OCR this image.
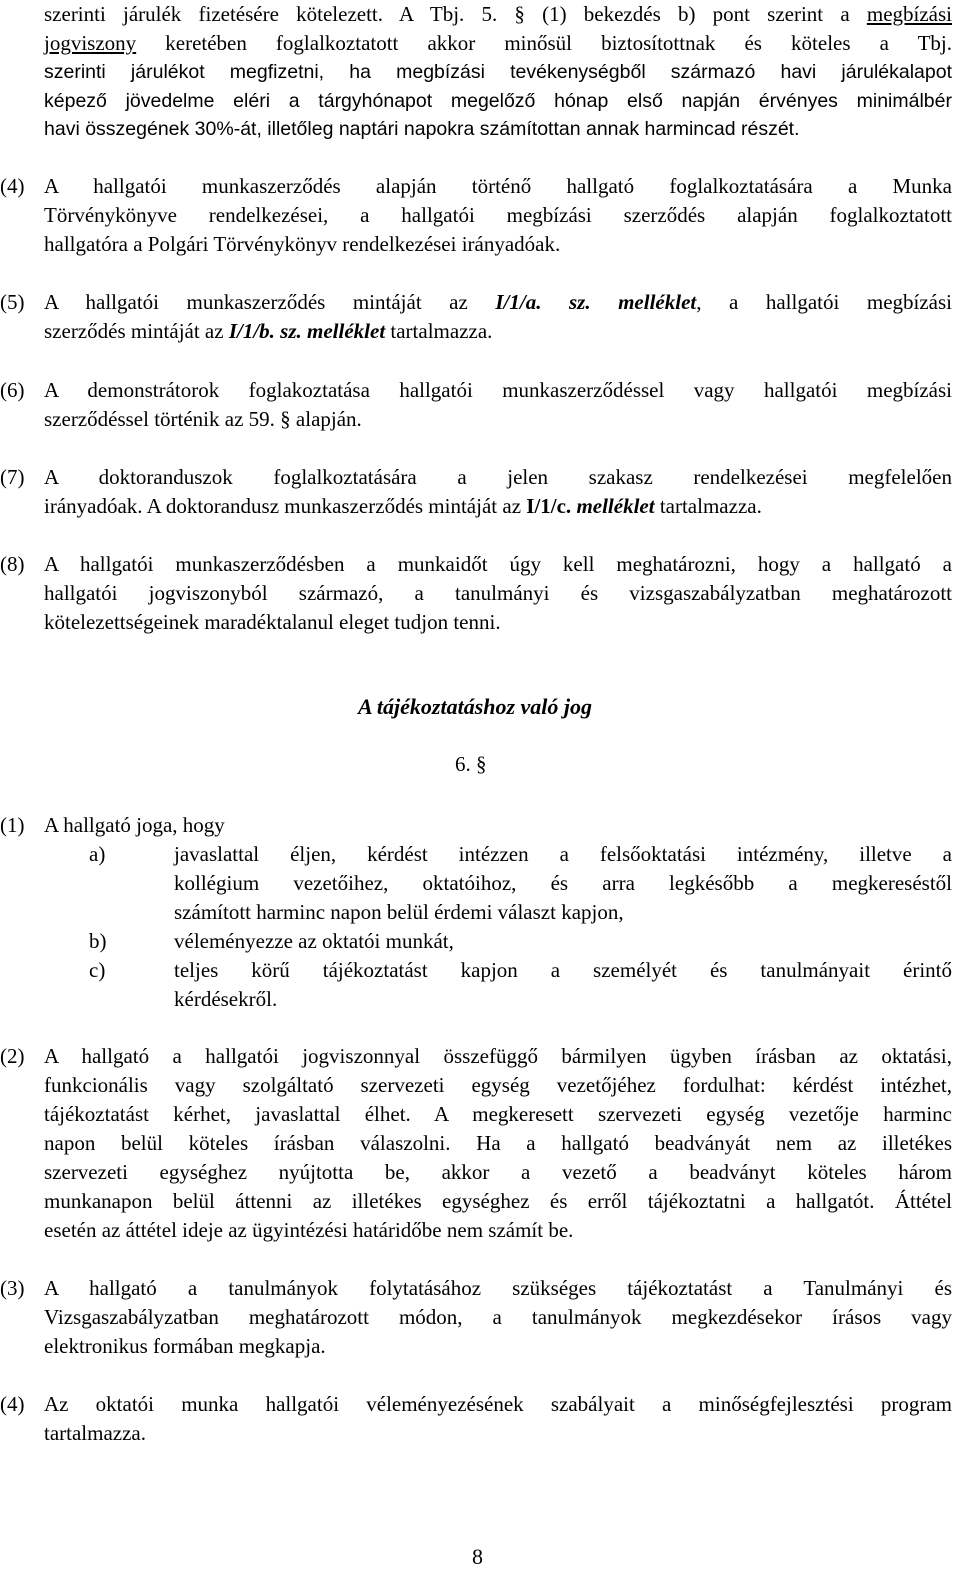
szerinti járulék fizetésére kötelezett. A Tbj. 5. § (1) bekezdés b) pont szerint a megbízási
jogviszony keretében foglalkoztatott akkor minősül biztosítottnak és köteles a Tbj.
szerinti járulékot megfizetni, ha megbízási tevékenységből származó havi járulékalapot
képező jövedelme eléri a tárgyhónapot megelőző hónap első napján érvényes minimálbér
havi összegének 30%-át, illetőleg naptári napokra számítottan annak harmincad részét.
(4) A hallgatói munkaszerződés alapján történő hallgató foglalkoztatására a Munka
Törvénykönyve rendelkezései, a hallgatói megbízási szerződés alapján foglalkoztatott
hallgatóra a Polgári Törvénykönyv rendelkezései irányadóak.
(5) A hallgatói munkaszerződés mintáját az I/1/a. sz. melléklet, a hallgatói megbízási
szerződés mintáját az I/1/b. sz. melléklet tartalmazza.
(6) A demonstrátorok foglakoztatása hallgatói munkaszerződéssel vagy hallgatói megbízási
szerződéssel történik az 59. § alapján.
(7) A doktoranduszok foglalkoztatására a jelen szakasz rendelkezései megfelelően
irányadóak. A doktorandusz munkaszerződés mintáját az I/1/c. melléklet tartalmazza.
(8) A hallgatói munkaszerződésben a munkaidőt úgy kell meghatározni, hogy a hallgató a
hallgatói jogviszonyból származó, a tanulmányi és vizsgaszabályzatban meghatározott
kötelezettségeinek maradéktalanul eleget tudjon tenni.
A tájékoztatáshoz való jog
6. §
(1) A hallgató joga, hogy
a)	javaslattal éljen, kérdést intézzen a felsőoktatási intézmény, illetve a
kollégium vezetőihez, oktatóihoz, és arra legkésőbb a megkereséstől
számított harminc napon belül érdemi választ kapjon,
b)	véleményezze az oktatói munkát,
c)	teljes körű tájékoztatást kapjon a személyét és tanulmányait érintő
kérdésekről.
(2) A hallgató a hallgatói jogviszonnyal összefüggő bármilyen ügyben írásban az oktatási,
funkcionális vagy szolgáltató szervezeti egység vezetőjéhez fordulhat: kérdést intézhet,
tájékoztatást kérhet, javaslattal élhet. A megkeresett szervezeti egység vezetője harminc
napon belül köteles írásban válaszolni. Ha a hallgató beadványát nem az illetékes
szervezeti egységhez nyújtotta be, akkor a vezető a beadványt köteles három
munkanapon belül áttenni az illetékes egységhez és erről tájékoztatni a hallgatót. Áttétel
esetén az áttétel ideje az ügyintézési határidőbe nem számít be.
(3) A hallgató a tanulmányok folytatásához szükséges tájékoztatást a Tanulmányi és
Vizsgaszabályzatban meghatározott módon, a tanulmányok megkezdésekor írásos vagy
elektronikus formában megkapja.
(4) Az oktatói munka hallgatói véleményezésének szabályait a minőségfejlesztési program
tartalmazza.
8
